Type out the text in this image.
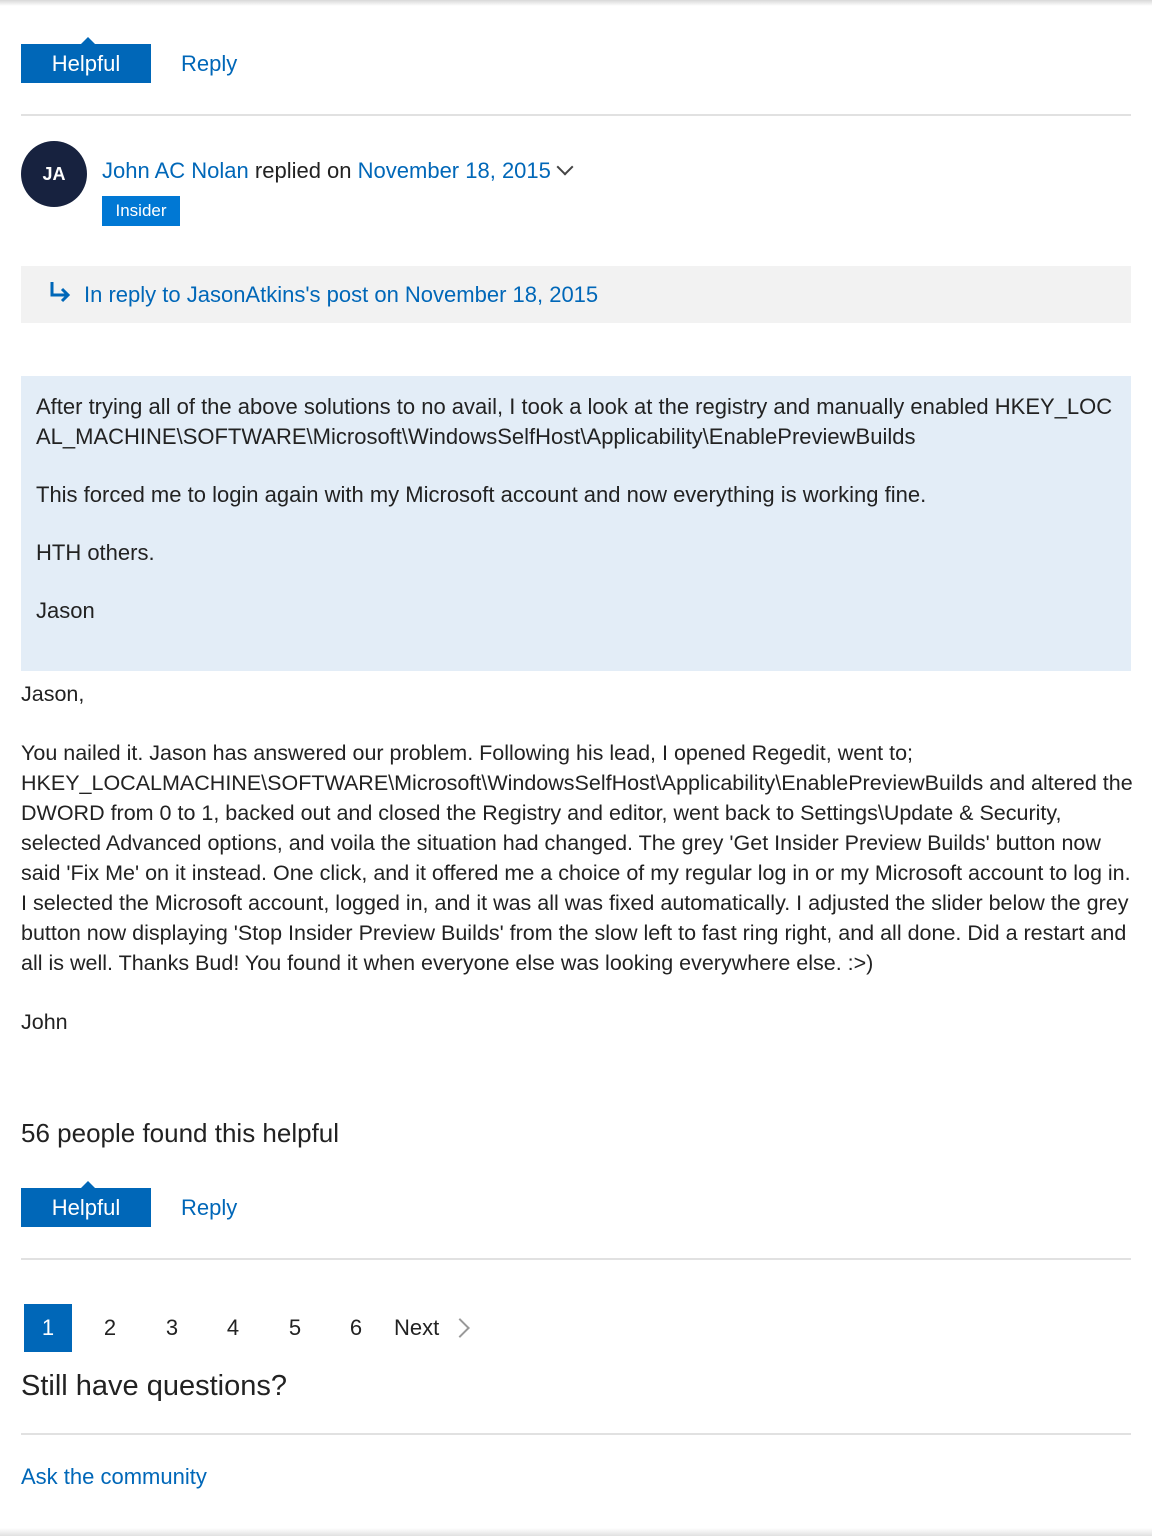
Helpful	Reply
JA	John AC Nolan replied on November 18, 2015
Insider
In reply to JasonAtkins's post on November 18, 2015

After trying all of the above solutions to no avail, I took a look at the registry and manually enabled HKEY_LOCAL_MACHINE\SOFTWARE\Microsoft\WindowsSelfHost\Applicability\EnablePreviewBuilds

This forced me to login again with my Microsoft account and now everything is working fine.

HTH others.

Jason

Jason,

You nailed it. Jason has answered our problem. Following his lead, I opened Regedit, went to; HKEY_LOCALMACHINE\SOFTWARE\Microsoft\WindowsSelfHost\Applicability\EnablePreviewBuilds and altered the DWORD from 0 to 1, backed out and closed the Registry and editor, went back to Settings\Update & Security, selected Advanced options, and voila the situation had changed. The grey 'Get Insider Preview Builds' button now said 'Fix Me' on it instead. One click, and it offered me a choice of my regular log in or my Microsoft account to log in. I selected the Microsoft account, logged in, and it was all was fixed automatically. I adjusted the slider below the grey button now displaying 'Stop Insider Preview Builds' from the slow left to fast ring right, and all done. Did a restart and all is well. Thanks Bud! You found it when everyone else was looking everywhere else. :>)

John

56 people found this helpful
Helpful	Reply
1	2 3 4 5 6 Next
Still have questions?
Ask the community
